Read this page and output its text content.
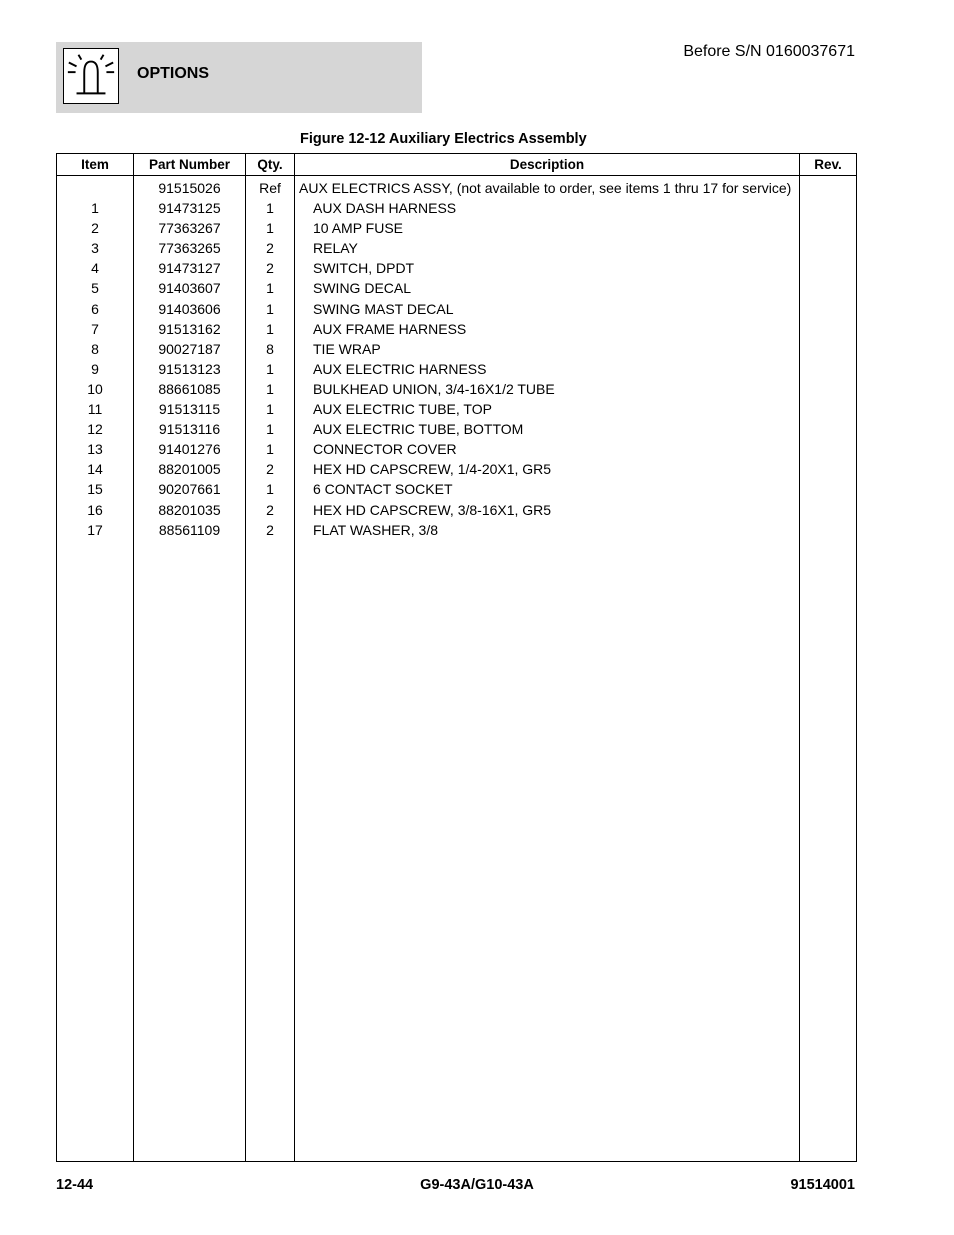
OPTIONS
Before S/N 0160037671
Figure 12-12 Auxiliary Electrics Assembly
Item	Part Number	Qty.	Description	Rev.
	91515026	Ref	AUX ELECTRICS ASSY, (not available to order, see items 1 thru 17 for service)	
1	91473125	1	AUX DASH HARNESS	
2	77363267	1	10 AMP FUSE	
3	77363265	2	RELAY	
4	91473127	2	SWITCH, DPDT	
5	91403607	1	SWING DECAL	
6	91403606	1	SWING MAST DECAL	
7	91513162	1	AUX FRAME HARNESS	
8	90027187	8	TIE WRAP	
9	91513123	1	AUX ELECTRIC HARNESS	
10	88661085	1	BULKHEAD UNION, 3/4-16X1/2 TUBE	
11	91513115	1	AUX ELECTRIC TUBE, TOP	
12	91513116	1	AUX ELECTRIC TUBE, BOTTOM	
13	91401276	1	CONNECTOR COVER	
14	88201005	2	HEX HD CAPSCREW, 1/4-20X1, GR5	
15	90207661	1	6 CONTACT SOCKET	
16	88201035	2	HEX HD CAPSCREW, 3/8-16X1, GR5	
17	88561109	2	FLAT WASHER, 3/8	

12-44	G9-43A/G10-43A	91514001
